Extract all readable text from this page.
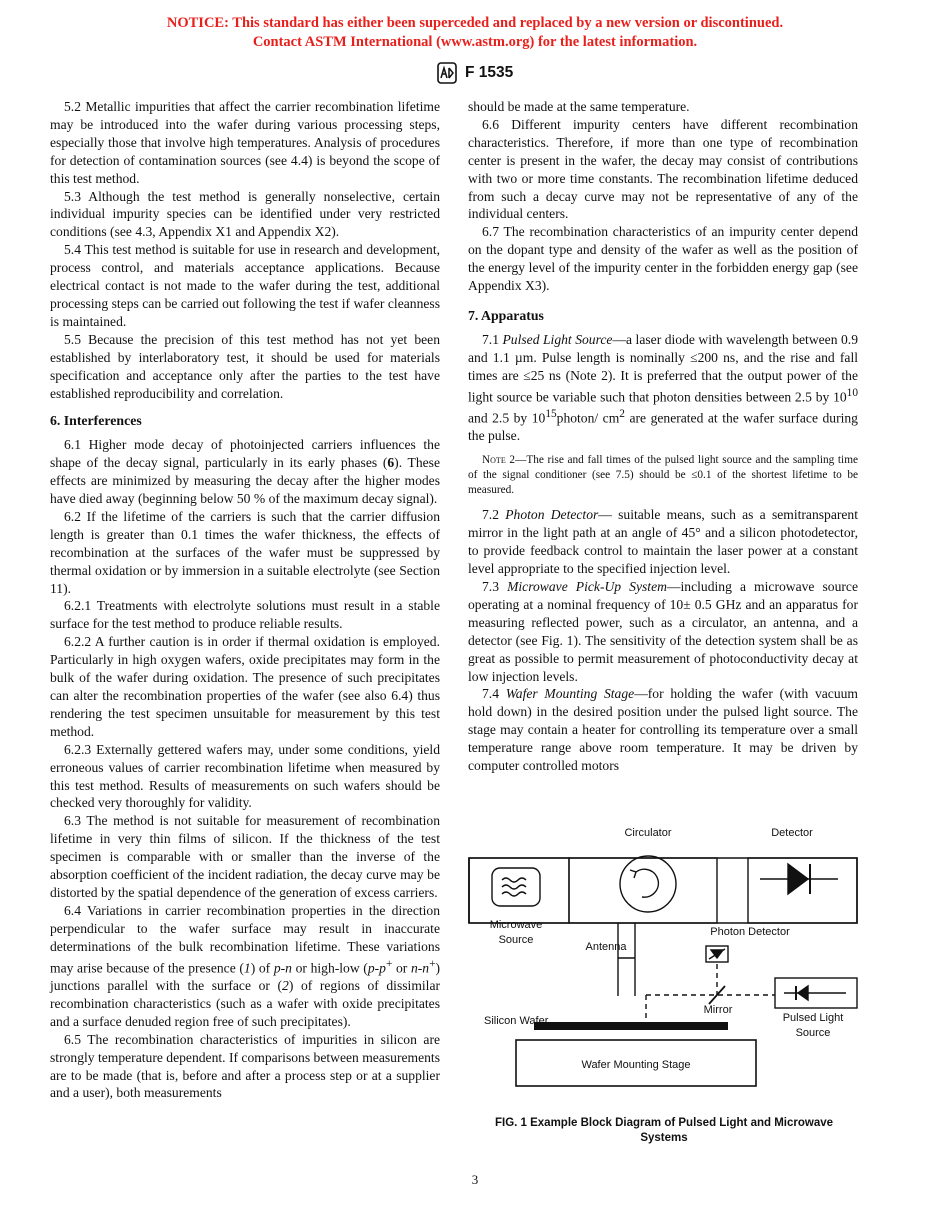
NOTICE: This standard has either been superceded and replaced by a new version or discontinued.
Contact ASTM International (www.astm.org) for the latest information.
F 1535

5.2 Metallic impurities that affect the carrier recombination lifetime may be introduced into the wafer during various processing steps, especially those that involve high temperatures. Analysis of procedures for detection of contamination sources (see 4.4) is beyond the scope of this test method.

5.3 Although the test method is generally nonselective, certain individual impurity species can be identified under very restricted conditions (see 4.3, Appendix X1 and Appendix X2).

5.4 This test method is suitable for use in research and development, process control, and materials acceptance applications. Because electrical contact is not made to the wafer during the test, additional processing steps can be carried out following the test if wafer cleanness is maintained.

5.5 Because the precision of this test method has not yet been established by interlaboratory test, it should be used for materials specification and acceptance only after the parties to the test have established reproducibility and correlation.

6. Interferences

6.1 Higher mode decay of photoinjected carriers influences the shape of the decay signal, particularly in its early phases (6). These effects are minimized by measuring the decay after the higher modes have died away (beginning below 50 % of the maximum decay signal).

6.2 If the lifetime of the carriers is such that the carrier diffusion length is greater than 0.1 times the wafer thickness, the effects of recombination at the surfaces of the wafer must be suppressed by thermal oxidation or by immersion in a suitable electrolyte (see Section 11).

6.2.1 Treatments with electrolyte solutions must result in a stable surface for the test method to produce reliable results.

6.2.2 A further caution is in order if thermal oxidation is employed. Particularly in high oxygen wafers, oxide precipitates may form in the bulk of the wafer during oxidation. The presence of such precipitates can alter the recombination properties of the wafer (see also 6.4) thus rendering the test specimen unsuitable for measurement by this test method.

6.2.3 Externally gettered wafers may, under some conditions, yield erroneous values of carrier recombination lifetime when measured by this test method. Results of measurements on such wafers should be checked very thoroughly for validity.

6.3 The method is not suitable for measurement of recombination lifetime in very thin films of silicon. If the thickness of the test specimen is comparable with or smaller than the inverse of the absorption coefficient of the incident radiation, the decay curve may be distorted by the spatial dependence of the generation of excess carriers.

6.4 Variations in carrier recombination properties in the direction perpendicular to the wafer surface may result in inaccurate determinations of the bulk recombination lifetime. These variations may arise because of the presence (1) of p-n or high-low (p-p+ or n-n+) junctions parallel with the surface or (2) of regions of dissimilar recombination characteristics (such as a wafer with oxide precipitates and a surface denuded region free of such precipitates).

6.5 The recombination characteristics of impurities in silicon are strongly temperature dependent. If comparisons between measurements are to be made (that is, before and after a process step or at a supplier and a user), both measurements

should be made at the same temperature.

6.6 Different impurity centers have different recombination characteristics. Therefore, if more than one type of recombination center is present in the wafer, the decay may consist of contributions with two or more time constants. The recombination lifetime deduced from such a decay curve may not be representative of any of the individual centers.

6.7 The recombination characteristics of an impurity center depend on the dopant type and density of the wafer as well as the position of the energy level of the impurity center in the forbidden energy gap (see Appendix X3).

7. Apparatus

7.1 Pulsed Light Source—a laser diode with wavelength between 0.9 and 1.1 µm. Pulse length is nominally ≤200 ns, and the rise and fall times are ≤25 ns (Note 2). It is preferred that the output power of the light source be variable such that photon densities between 2.5 by $10^{10}$ and 2.5 by $10^{15}photon/$ $cm^2$ are generated at the wafer surface during the pulse.

Note 2—The rise and fall times of the pulsed light source and the sampling time of the signal conditioner (see 7.5) should be ≤0.1 of the shortest lifetime to be measured.

7.2 Photon Detector— suitable means, such as a semitransparent mirror in the light path at an angle of 45° and a silicon photodetector, to provide feedback control to maintain the laser power at a constant level appropriate to the specified injection level.

7.3 Microwave Pick-Up System—including a microwave source operating at a nominal frequency of 10± 0.5 GHz and an apparatus for measuring reflected power, such as a circulator, an antenna, and a detector (see Fig. 1). The sensitivity of the detection system shall be as great as possible to permit measurement of photoconductivity decay at low injection levels.

7.4 Wafer Mounting Stage—for holding the wafer (with vacuum hold down) in the desired position under the pulsed light source. The stage may contain a heater for controlling its temperature over a small temperature range above room temperature. It may be driven by computer controlled motors

Circulator	Detector
Microwave
Source
Antenna
Photon Detector
Mirror
Silicon Wafer	Pulsed Light
Source
Wafer Mounting Stage
FIG. 1 Example Block Diagram of Pulsed Light and Microwave
Systems
3
